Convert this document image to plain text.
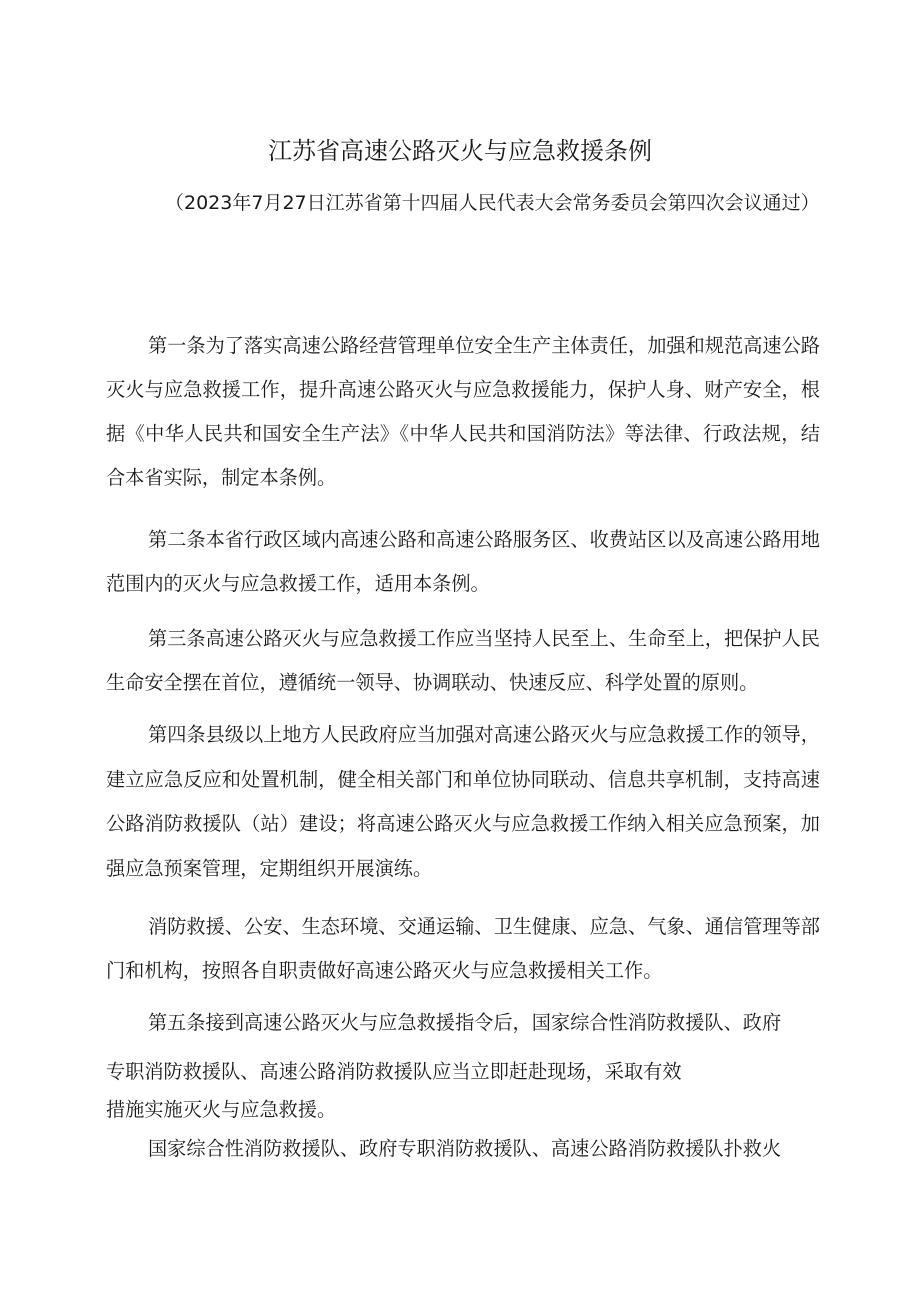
江苏省高速公路灭火与应急救援条例
（2023年7月27日江苏省第十四届人民代表大会常务委员会第四次会议通过）
第一条为了落实高速公路经营管理单位安全生产主体责任，加强和规范高速公路灭火与应急救援工作，提升高速公路灭火与应急救援能力，保护人身、财产安全，根据《中华人民共和国安全生产法》《中华人民共和国消防法》等法律、行政法规，结合本省实际，制定本条例。
第二条本省行政区域内高速公路和高速公路服务区、收费站区以及高速公路用地范围内的灭火与应急救援工作，适用本条例。
第三条高速公路灭火与应急救援工作应当坚持人民至上、生命至上，把保护人民生命安全摆在首位，遵循统一领导、协调联动、快速反应、科学处置的原则。
第四条县级以上地方人民政府应当加强对高速公路灭火与应急救援工作的领导，建立应急反应和处置机制，健全相关部门和单位协同联动、信息共享机制，支持高速公路消防救援队（站）建设；将高速公路灭火与应急救援工作纳入相关应急预案，加强应急预案管理，定期组织开展演练。
消防救援、公安、生态环境、交通运输、卫生健康、应急、气象、通信管理等部门和机构，按照各自职责做好高速公路灭火与应急救援相关工作。
第五条接到高速公路灭火与应急救援指令后，国家综合性消防救援队、政府
专职消防救援队、高速公路消防救援队应当立即赶赴现场，采取有效
措施实施灭火与应急救援。
国家综合性消防救援队、政府专职消防救援队、高速公路消防救援队扑救火
